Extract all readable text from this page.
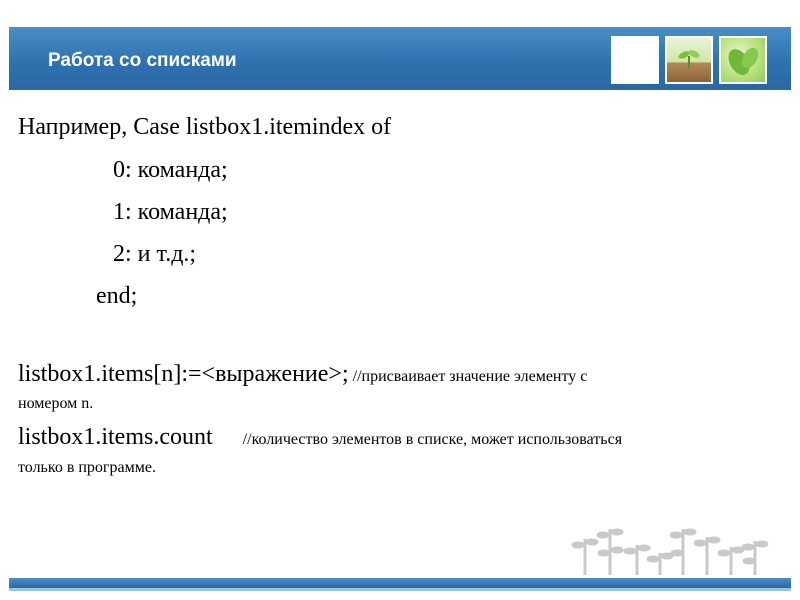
Работа со списками
Например, Case listbox1.itemindex of
0: команда;
1: команда;
2: и т.д.;
end;
listbox1.items[n]:=<выражение>; //присваивает значение элементу с
номером n.
listbox1.items.count //количество элементов в списке, может использоваться
только в программе.
